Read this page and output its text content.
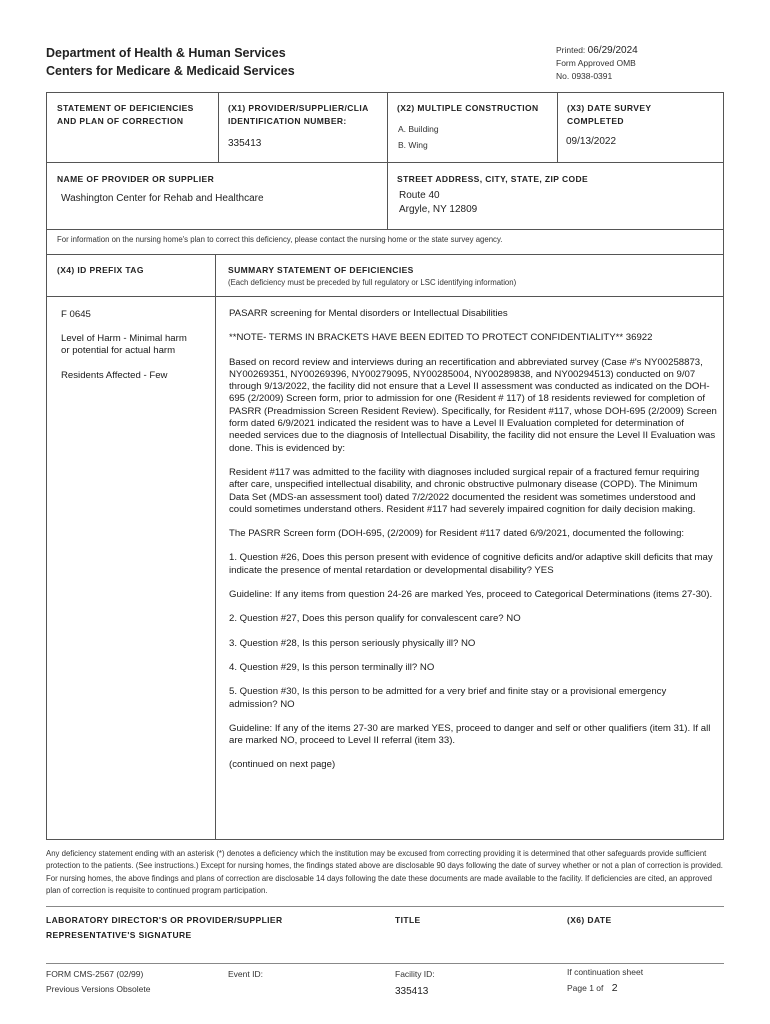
Department of Health & Human Services
Centers for Medicare & Medicaid Services
Printed: 06/29/2024
Form Approved OMB
No. 0938-0391
STATEMENT OF DEFICIENCIES AND PLAN OF CORRECTION
(X1) PROVIDER/SUPPLIER/CLIA IDENTIFICATION NUMBER:
335413
(X2) MULTIPLE CONSTRUCTION
A. Building
B. Wing
(X3) DATE SURVEY COMPLETED
09/13/2022
NAME OF PROVIDER OR SUPPLIER
Washington Center for Rehab and Healthcare
STREET ADDRESS, CITY, STATE, ZIP CODE
Route 40
Argyle, NY 12809
For information on the nursing home's plan to correct this deficiency, please contact the nursing home or the state survey agency.
(X4) ID PREFIX TAG	SUMMARY STATEMENT OF DEFICIENCIES
(Each deficiency must be preceded by full regulatory or LSC identifying information)
F 0645
Level of Harm - Minimal harm
or potential for actual harm
Residents Affected - Few

PASARR screening for Mental disorders or Intellectual Disabilities

**NOTE- TERMS IN BRACKETS HAVE BEEN EDITED TO PROTECT CONFIDENTIALITY** 36922

Based on record review and interviews during an recertification and abbreviated survey (Case #'s NY00258873, NY00269351, NY00269396, NY00279095, NY00285004, NY00289838, and NY00294513) conducted on 9/07 through 9/13/2022, the facility did not ensure that a Level II assessment was conducted as indicated on the DOH-695 (2/2009) Screen form, prior to admission for one (Resident # 117) of 18 residents reviewed for completion of PASRR (Preadmission Screen Resident Review). Specifically, for Resident #117, whose DOH-695 (2/2009) Screen form dated 6/9/2021 indicated the resident was to have a Level II Evaluation completed for determination of needed services due to the diagnosis of Intellectual Disability, the facility did not ensure the Level II Evaluation was done. This is evidenced by:

Resident #117 was admitted to the facility with diagnoses included surgical repair of a fractured femur requiring after care, unspecified intellectual disability, and chronic obstructive pulmonary disease (COPD). The Minimum Data Set (MDS-an assessment tool) dated 7/2/2022 documented the resident was sometimes understood and could sometimes understand others. Resident #117 had severely impaired cognition for daily decision making.

The PASRR Screen form (DOH-695, (2/2009) for Resident #117 dated 6/9/2021, documented the following:

1. Question #26, Does this person present with evidence of cognitive deficits and/or adaptive skill deficits that may indicate the presence of mental retardation or developmental disability? YES

Guideline: If any items from question 24-26 are marked Yes, proceed to Categorical Determinations (items 27-30).

2. Question #27, Does this person qualify for convalescent care? NO

3. Question #28, Is this person seriously physically ill? NO

4. Question #29, Is this person terminally ill? NO

5. Question #30, Is this person to be admitted for a very brief and finite stay or a provisional emergency admission? NO

Guideline: If any of the items 27-30 are marked YES, proceed to danger and self or other qualifiers (item 31). If all are marked NO, proceed to Level II referral (item 33).

(continued on next page)

Any deficiency statement ending with an asterisk (*) denotes a deficiency which the institution may be excused from correcting providing it is determined that other safeguards provide sufficient protection to the patients. (See instructions.) Except for nursing homes, the findings stated above are disclosable 90 days following the date of survey whether or not a plan of correction is provided. For nursing homes, the above findings and plans of correction are disclosable 14 days following the date these documents are made available to the facility. If deficiencies are cited, an approved plan of correction is requisite to continued program participation.
LABORATORY DIRECTOR'S OR PROVIDER/SUPPLIER REPRESENTATIVE'S SIGNATURE
TITLE	(X6) DATE
FORM CMS-2567 (02/99)
Previous Versions Obsolete
Event ID:	Facility ID:
335413
If continuation sheet
Page 1 of 2
